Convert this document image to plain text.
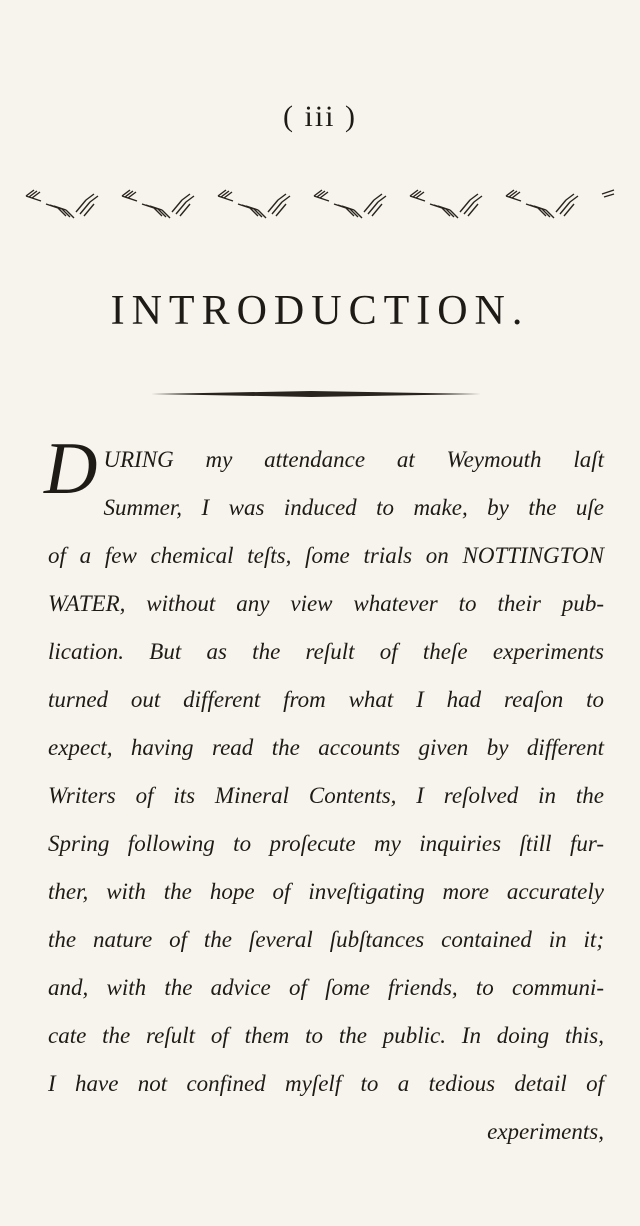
( iii )
INTRODUCTION.
D URING my attendance at Weymouth laſt
Summer, I was induced to make, by the uſe
of a few chemical teſts, ſome trials on NOTTINGTON
WATER, without any view whatever to their pub-
lication. But as the reſult of theſe experiments
turned out different from what I had reaſon to
expect, having read the accounts given by different
Writers of its Mineral Contents, I reſolved in the
Spring following to proſecute my inquiries ſtill fur-
ther, with the hope of inveſtigating more accurately
the nature of the ſeveral ſubſtances contained in it;
and, with the advice of ſome friends, to communi-
cate the reſult of them to the public. In doing this,
I have not confined myſelf to a tedious detail of
experiments,
